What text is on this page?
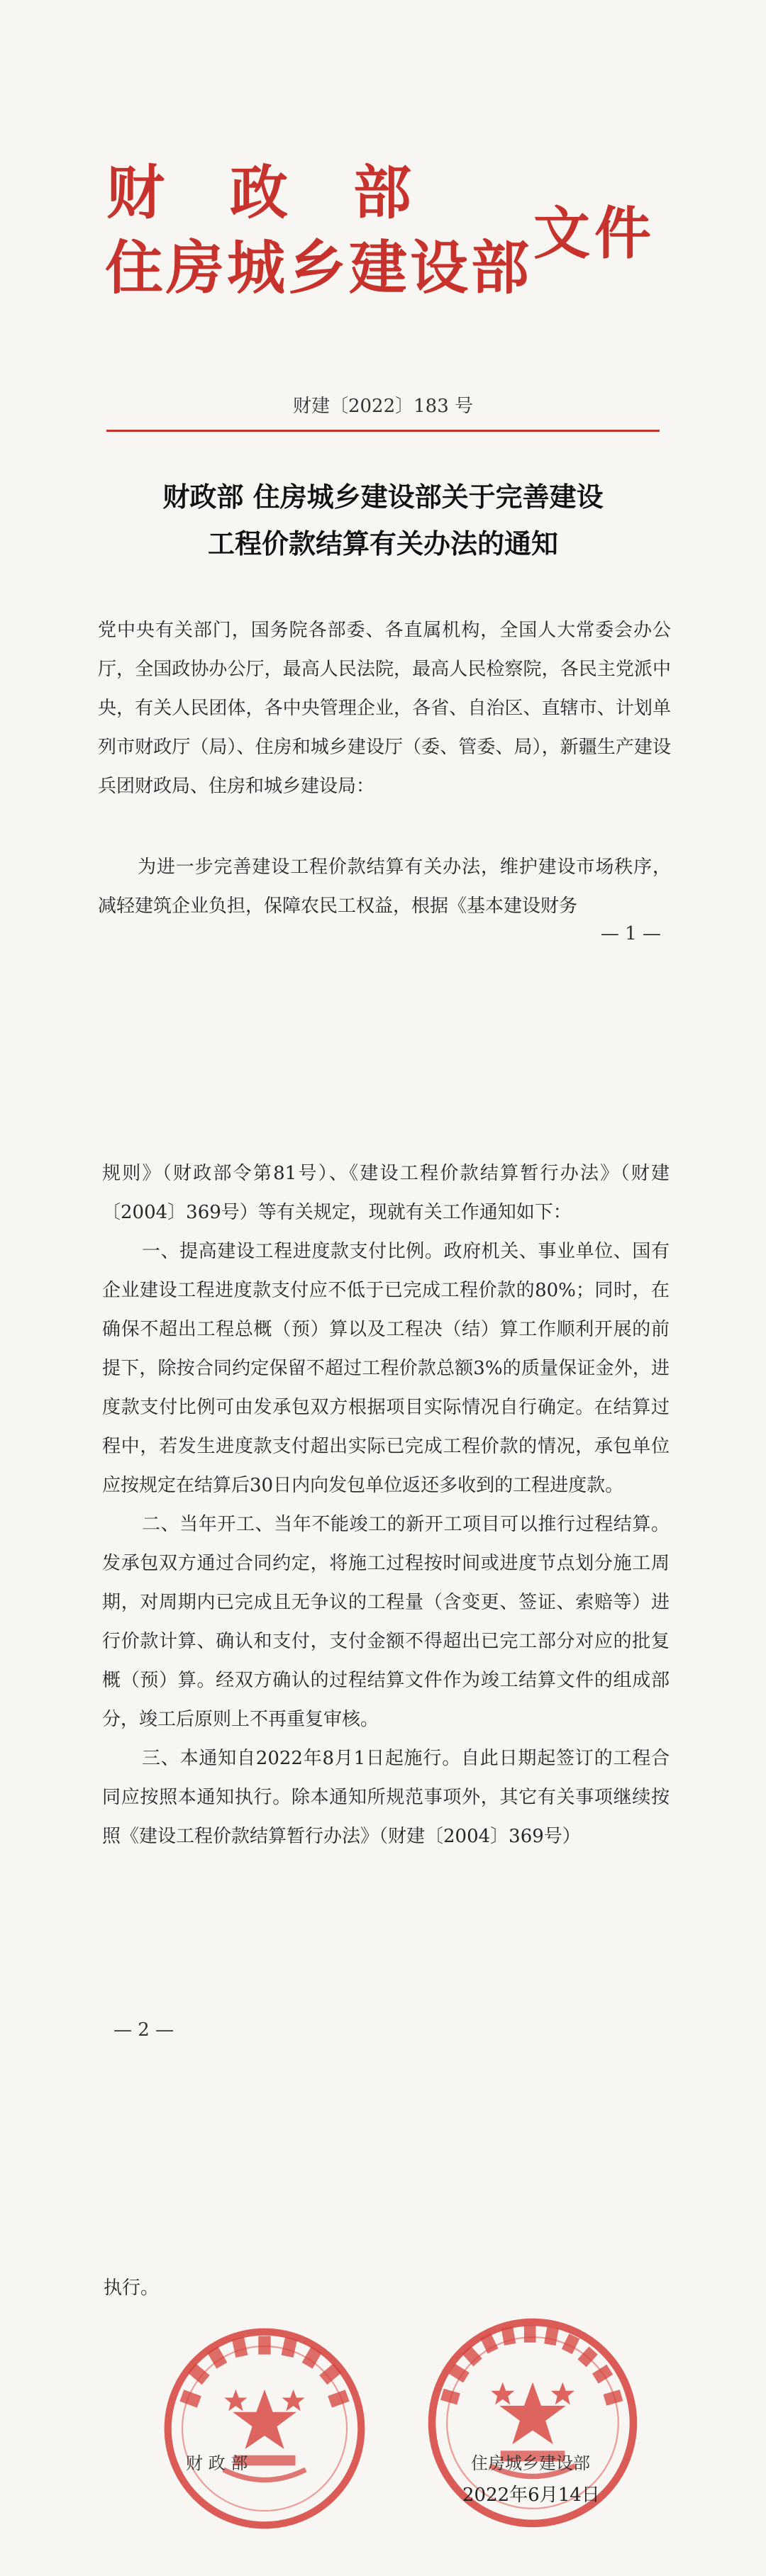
财政部
住房城乡建设部
文件
财建〔2022〕183 号
财政部 住房城乡建设部关于完善建设
工程价款结算有关办法的通知
党中央有关部门，国务院各部委、各直属机构，全国人大常委会办公厅，全国政协办公厅，最高人民法院，最高人民检察院，各民主党派中央，有关人民团体，各中央管理企业，各省、自治区、直辖市、计划单列市财政厅（局）、住房和城乡建设厅（委、管委、局），新疆生产建设兵团财政局、住房和城乡建设局：
为进一步完善建设工程价款结算有关办法，维护建设市场秩序，减轻建筑企业负担，保障农民工权益，根据《基本建设财务
— 1 —

规则》（财政部令第81号）、《建设工程价款结算暂行办法》（财建〔2004〕369号）等有关规定，现就有关工作通知如下：

一、提高建设工程进度款支付比例。政府机关、事业单位、国有企业建设工程进度款支付应不低于已完成工程价款的80%；同时，在确保不超出工程总概（预）算以及工程决（结）算工作顺利开展的前提下，除按合同约定保留不超过工程价款总额3%的质量保证金外，进度款支付比例可由发承包双方根据项目实际情况自行确定。在结算过程中，若发生进度款支付超出实际已完成工程价款的情况，承包单位应按规定在结算后30日内向发包单位返还多收到的工程进度款。

二、当年开工、当年不能竣工的新开工项目可以推行过程结算。发承包双方通过合同约定，将施工过程按时间或进度节点划分施工周期，对周期内已完成且无争议的工程量（含变更、签证、索赔等）进行价款计算、确认和支付，支付金额不得超出已完工部分对应的批复概（预）算。经双方确认的过程结算文件作为竣工结算文件的组成部分，竣工后原则上不再重复审核。

三、本通知自2022年8月1日起施行。自此日期起签订的工程合同应按照本通知执行。除本通知所规范事项外，其它有关事项继续按照《建设工程价款结算暂行办法》（财建〔2004〕369号）

— 2 —
执行。
财 政 部	住房城乡建设部
2022年6月14日
